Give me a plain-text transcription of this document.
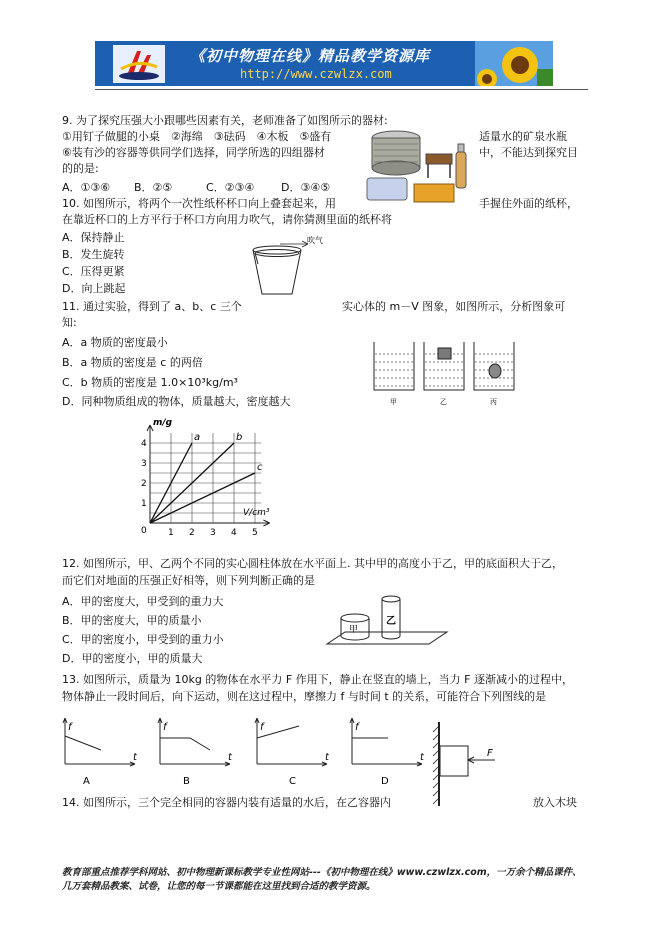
《初中物理在线》精品教学资源库
http://www.czwlzx.com
9. 为了探究压强大小跟哪些因素有关，老师准备了如图所示的器材:
①用钉子做腿的小桌　②海绵　③砝码　④木板　⑤盛有	适量水的矿泉水瓶
⑥装有沙的容器等供同学们选择，同学所选的四组器材	中，不能达到探究目
的的是:
A．①③⑥ B．②⑤	C．②③④ D．③④⑤
10. 如图所示，将两个一次性纸杯杯口向上叠套起来，用	手握住外面的纸杯，
在靠近杯口的上方平行于杯口方向用力吹气，请你猜测里面的纸杯将
A．保持静止
B．发生旋转
C．压得更紧
D．向上跳起
吹气
11. 通过实验，得到了 a、b、c 三个	实心体的 m－V 图象，如图所示，分析图象可
知:
A．a 物质的密度最小
B．a 物质的密度是 c 的两倍
C．b 物质的密度是 1.0×10³kg/m³
D．同种物质组成的物体，质量越大，密度越大	甲	乙	丙
a	b
c
1 2 3 4 5
1
2
3
4
0
m/g
V/cm³
12. 如图所示，甲、乙两个不同的实心圆柱体放在水平面上. 其中甲的高度小于乙，甲的底面积大于乙，
而它们对地面的压强正好相等，则下列判断正确的是
A．甲的密度大，甲受到的重力大
B．甲的密度大，甲的质量小
C．甲的密度小，甲受到的重力小
D．甲的密度小，甲的质量大
甲
乙
13. 如图所示，质量为 10kg 的物体在水平力 F 作用下，静止在竖直的墙上，当力 F 逐渐减小的过程中，
物体静止一段时间后，向下运动，则在这过程中，摩擦力 f 与时间 t 的关系，可能符合下列图线的是
f
t
f
t
f
t
f
t
A	B	C	D
F
14. 如图所示，三个完全相同的容器内装有适量的水后，在乙容器内	放入木块
教育部重点推荐学科网站、初中物理新课标教学专业性网站---《初中物理在线》www.czwlzx.com，一万余个精品课件、
几万套精品教案、试卷，让您的每一节课都能在这里找到合适的教学资源。
